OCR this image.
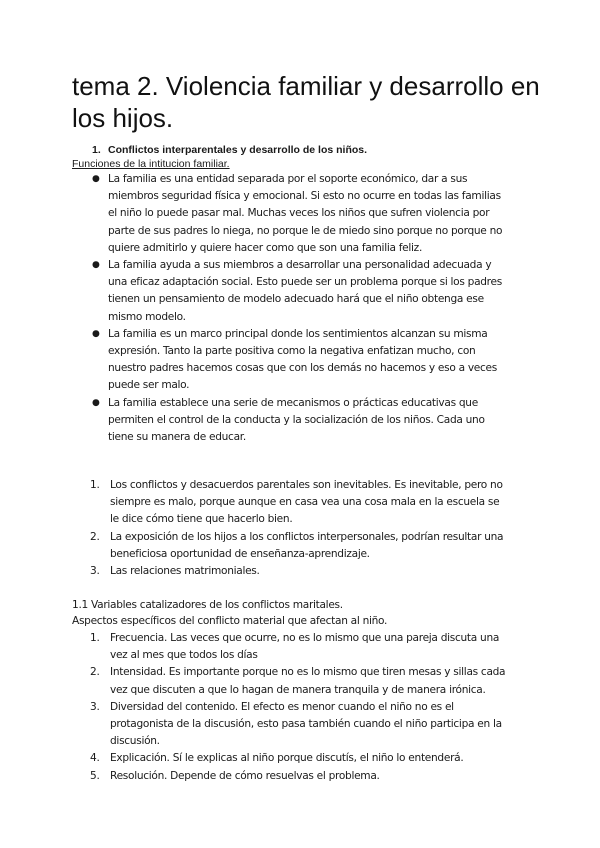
tema 2. Violencia familiar y desarrollo en los hijos.

1. Conflictos interparentales y desarrollo de los niños.

Funciones de la intitucion familiar.

● La familia es una entidad separada por el soporte económico, dar a sus miembros seguridad física y emocional. Si esto no ocurre en todas las familias el niño lo puede pasar mal. Muchas veces los niños que sufren violencia por parte de sus padres lo niega, no porque le de miedo sino porque no porque no quiere admitirlo y quiere hacer como que son una familia feliz.
● La familia ayuda a sus miembros a desarrollar una personalidad adecuada y una eficaz adaptación social. Esto puede ser un problema porque si los padres tienen un pensamiento de modelo adecuado hará que el niño obtenga ese mismo modelo.
● La familia es un marco principal donde los sentimientos alcanzan su misma expresión. Tanto la parte positiva como la negativa enfatizan mucho, con nuestro padres hacemos cosas que con los demás no hacemos y eso a veces puede ser malo.
● La familia establece una serie de mecanismos o prácticas educativas que permiten el control de la conducta y la socialización de los niños. Cada uno tiene su manera de educar.
1. Los conflictos y desacuerdos parentales son inevitables. Es inevitable, pero no siempre es malo, porque aunque en casa vea una cosa mala en la escuela se le dice cómo tiene que hacerlo bien.
2. La exposición de los hijos a los conflictos interpersonales, podrían resultar una beneficiosa oportunidad de enseñanza-aprendizaje.
3. Las relaciones matrimoniales.

1.1 Variables catalizadores de los conflictos maritales.

Aspectos específicos del conflicto material que afectan al niño.

1. Frecuencia. Las veces que ocurre, no es lo mismo que una pareja discuta una vez al mes que todos los días
2. Intensidad. Es importante porque no es lo mismo que tiren mesas y sillas cada vez que discuten a que lo hagan de manera tranquila y de manera irónica.
3. Diversidad del contenido. El efecto es menor cuando el niño no es el protagonista de la discusión, esto pasa también cuando el niño participa en la discusión.
4. Explicación. Sí le explicas al niño porque discutís, el niño lo entenderá.
5. Resolución. Depende de cómo resuelvas el problema.
